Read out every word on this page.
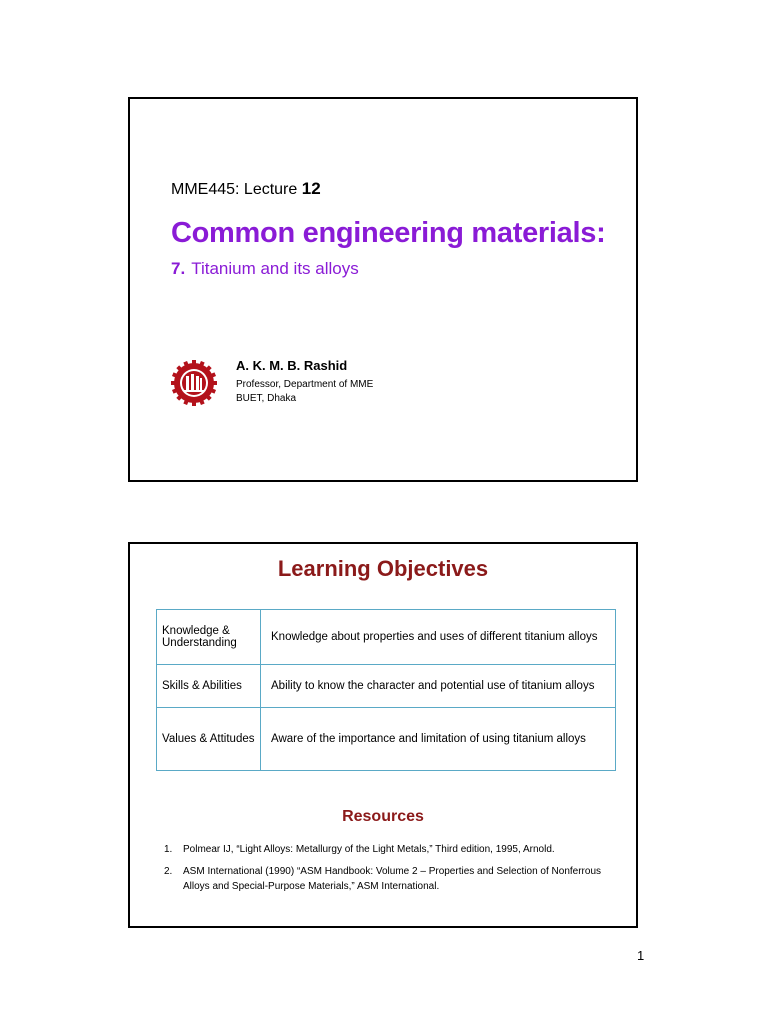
MME445: Lecture 12
Common engineering materials:
7. Titanium and its alloys
A. K. M. B. Rashid
Professor, Department of MME
BUET, Dhaka
Learning Objectives
Knowledge & Understanding	Knowledge about properties and uses of different titanium alloys
Skills & Abilities	Ability to know the character and potential use of titanium alloys
Values & Attitudes	Aware of the importance and limitation of using titanium alloys
Resources
1.	Polmear IJ, “Light Alloys: Metallurgy of the Light Metals,” Third edition, 1995, Arnold.
2.	ASM International (1990) “ASM Handbook: Volume 2 – Properties and Selection of Nonferrous Alloys and Special-Purpose Materials,” ASM International.
1
